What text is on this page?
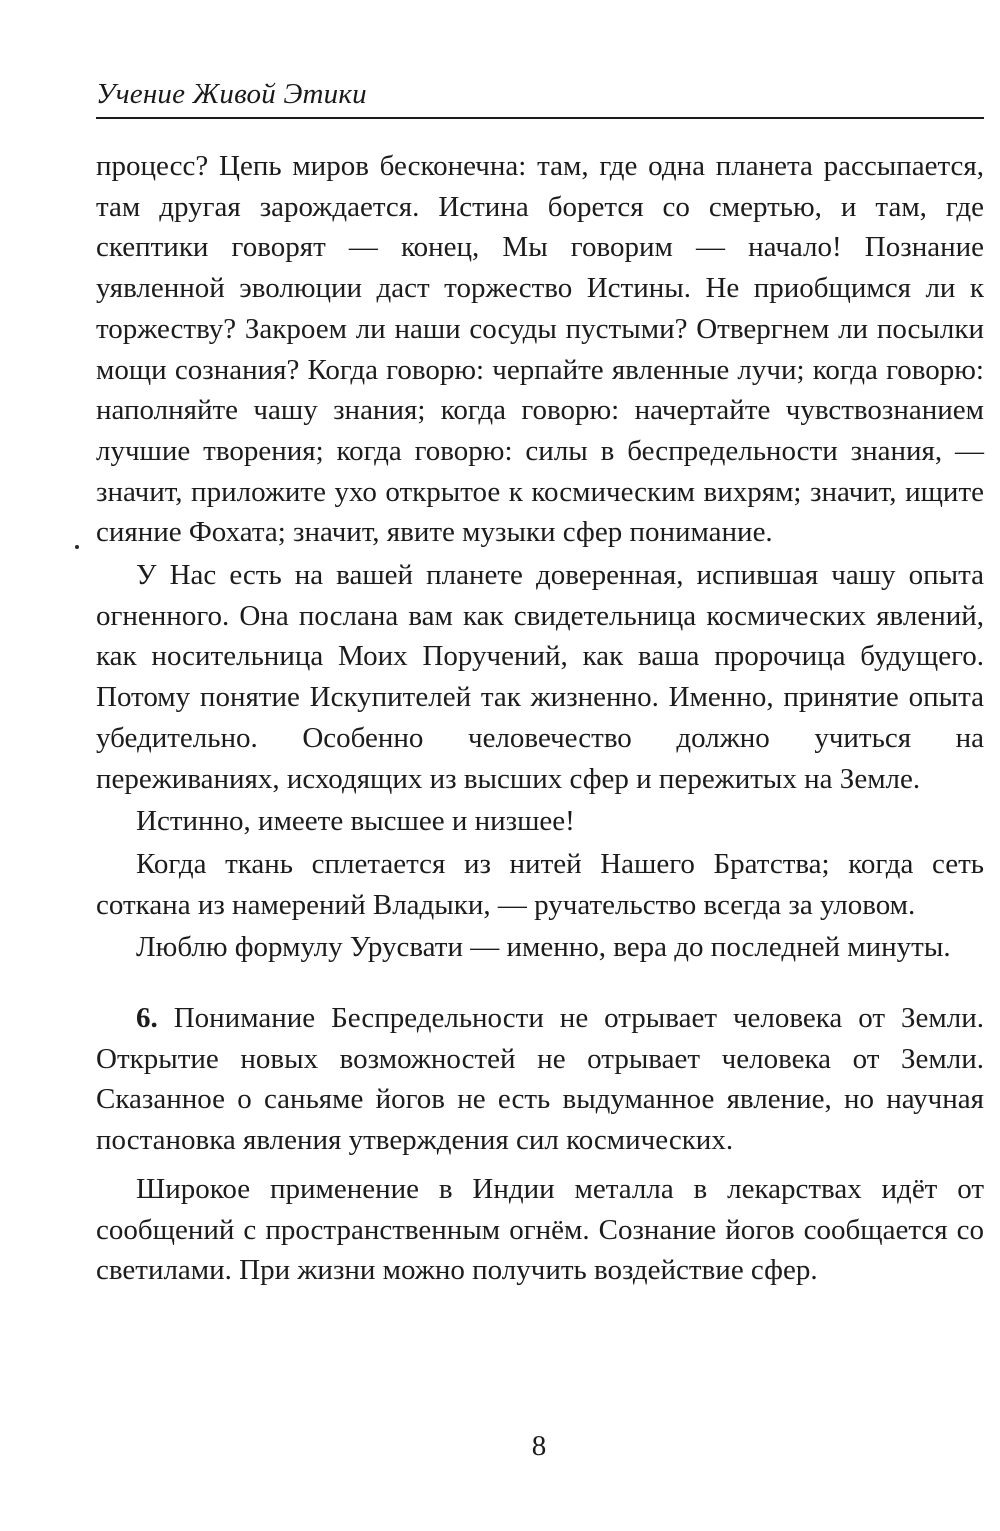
Учение Живой Этики

процесс? Цепь миров бесконечна: там, где одна планета рассыпается, там другая зарождается. Истина борется со смертью, и там, где скептики говорят — конец, Мы говорим — начало! Познание уявленной эволюции даст торжество Истины. Не приобщимся ли к торжеству? Закроем ли наши сосуды пустыми? Отвергнем ли посылки мощи сознания? Когда говорю: черпайте явленные лучи; когда говорю: наполняйте чашу знания; когда говорю: начертайте чувствознанием лучшие творения; когда говорю: силы в беспредельности знания, — значит, приложите ухо открытое к космическим вихрям; значит, ищите сияние Фохата; значит, явите музыки сфер понимание.

У Нас есть на вашей планете доверенная, испившая чашу опыта огненного. Она послана вам как свидетельница космических явлений, как носительница Моих Поручений, как ваша пророчица будущего. Потому понятие Искупителей так жизненно. Именно, принятие опыта убедительно. Особенно человечество должно учиться на переживаниях, исходящих из высших сфер и пережитых на Земле.

Истинно, имеете высшее и низшее!

Когда ткань сплетается из нитей Нашего Братства; когда сеть соткана из намерений Владыки, — ручательство всегда за уловом.

Люблю формулу Урусвати — именно, вера до последней минуты.

6. Понимание Беспредельности не отрывает человека от Земли. Открытие новых возможностей не отрывает человека от Земли. Сказанное о саньяме йогов не есть выдуманное явление, но научная постановка явления утверждения сил космических.

Широкое применение в Индии металла в лекарствах идёт от сообщений с пространственным огнём. Сознание йогов сообщается со светилами. При жизни можно получить воздействие сфер.

8
